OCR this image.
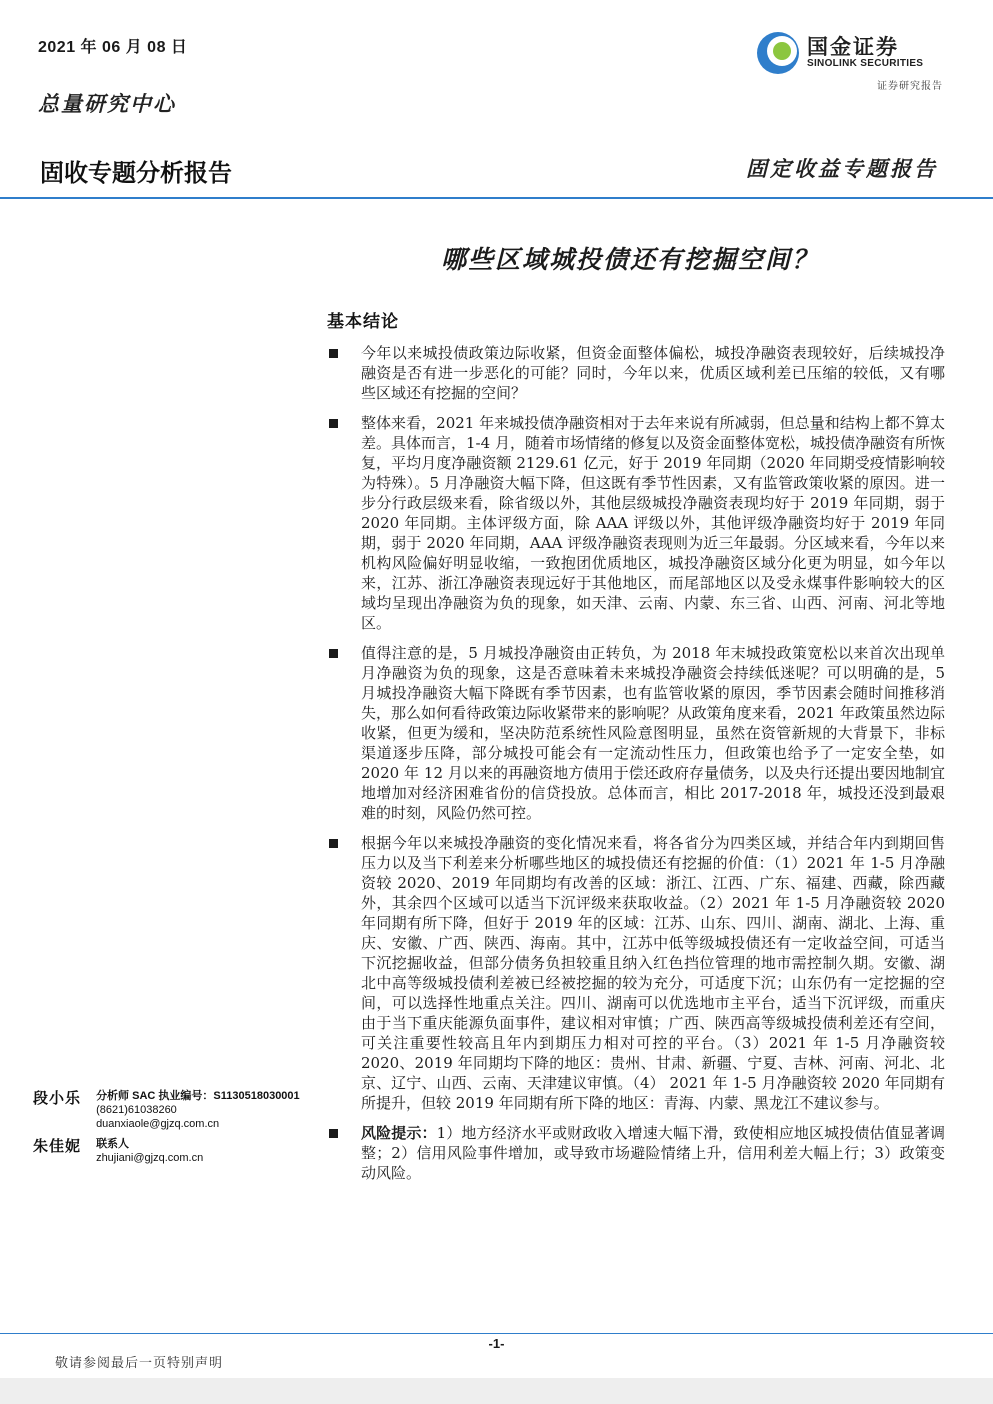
2021 年 06 月 08 日
总量研究中心
固收专题分析报告	固定收益专题报告
国金证券
SINOLINK SECURITIES
证券研究报告
哪些区域城投债还有挖掘空间？
基本结论
今年以来城投债政策边际收紧，但资金面整体偏松，城投净融资表现较好，后续城投净融资是否有进一步恶化的可能？同时，今年以来，优质区域利差已压缩的较低，又有哪些区域还有挖掘的空间？
整体来看，2021 年来城投债净融资相对于去年来说有所减弱，但总量和结构上都不算太差。具体而言，1-4 月，随着市场情绪的修复以及资金面整体宽松，城投债净融资有所恢复，平均月度净融资额 2129.61 亿元，好于 2019 年同期（2020 年同期受疫情影响较为特殊）。5 月净融资大幅下降，但这既有季节性因素，又有监管政策收紧的原因。进一步分行政层级来看，除省级以外，其他层级城投净融资表现均好于 2019 年同期，弱于 2020 年同期。主体评级方面，除 AAA 评级以外，其他评级净融资均好于 2019 年同期，弱于 2020 年同期，AAA 评级净融资表现则为近三年最弱。分区域来看，今年以来机构风险偏好明显收缩，一致抱团优质地区，城投净融资区域分化更为明显，如今年以来，江苏、浙江净融资表现远好于其他地区，而尾部地区以及受永煤事件影响较大的区域均呈现出净融资为负的现象，如天津、云南、内蒙、东三省、山西、河南、河北等地区。
值得注意的是，5 月城投净融资由正转负，为 2018 年末城投政策宽松以来首次出现单月净融资为负的现象，这是否意味着未来城投净融资会持续低迷呢？可以明确的是，5 月城投净融资大幅下降既有季节因素，也有监管收紧的原因，季节因素会随时间推移消失，那么如何看待政策边际收紧带来的影响呢？从政策角度来看，2021 年政策虽然边际收紧，但更为缓和，坚决防范系统性风险意图明显，虽然在资管新规的大背景下，非标渠道逐步压降，部分城投可能会有一定流动性压力，但政策也给予了一定安全垫，如 2020 年 12 月以来的再融资地方债用于偿还政府存量债务，以及央行还提出要因地制宜地增加对经济困难省份的信贷投放。总体而言，相比 2017-2018 年，城投还没到最艰难的时刻，风险仍然可控。
根据今年以来城投净融资的变化情况来看，将各省分为四类区域，并结合年内到期回售压力以及当下利差来分析哪些地区的城投债还有挖掘的价值：（1）2021 年 1-5 月净融资较 2020、2019 年同期均有改善的区域：浙江、江西、广东、福建、西藏，除西藏外，其余四个区域可以适当下沉评级来获取收益。（2）2021 年 1-5 月净融资较 2020 年同期有所下降，但好于 2019 年的区域：江苏、山东、四川、湖南、湖北、上海、重庆、安徽、广西、陕西、海南。其中，江苏中低等级城投债还有一定收益空间，可适当下沉挖掘收益，但部分债务负担较重且纳入红色挡位管理的地市需控制久期。安徽、湖北中高等级城投债利差被已经被挖掘的较为充分，可适度下沉；山东仍有一定挖掘的空间，可以选择性地重点关注。四川、湖南可以优选地市主平台，适当下沉评级，而重庆由于当下重庆能源负面事件，建议相对审慎；广西、陕西高等级城投债利差还有空间，可关注重要性较高且年内到期压力相对可控的平台。（3）2021 年 1-5 月净融资较 2020、2019 年同期均下降的地区：贵州、甘肃、新疆、宁夏、吉林、河南、河北、北京、辽宁、山西、云南、天津建议审慎。（4） 2021 年 1-5 月净融资较 2020 年同期有所提升，但较 2019 年同期有所下降的地区：青海、内蒙、黑龙江不建议参与。
风险提示：1）地方经济水平或财政收入增速大幅下滑，致使相应地区城投债估值显著调整；2）信用风险事件增加，或导致市场避险情绪上升，信用利差大幅上行；3）政策变动风险。
段小乐 分析师 SAC 执业编号：S1130518030001
(8621)61038260
duanxiaole@gjzq.com.cn
朱佳妮 联系人
zhujiani@gjzq.com.cn
-1-
敬请参阅最后一页特别声明
